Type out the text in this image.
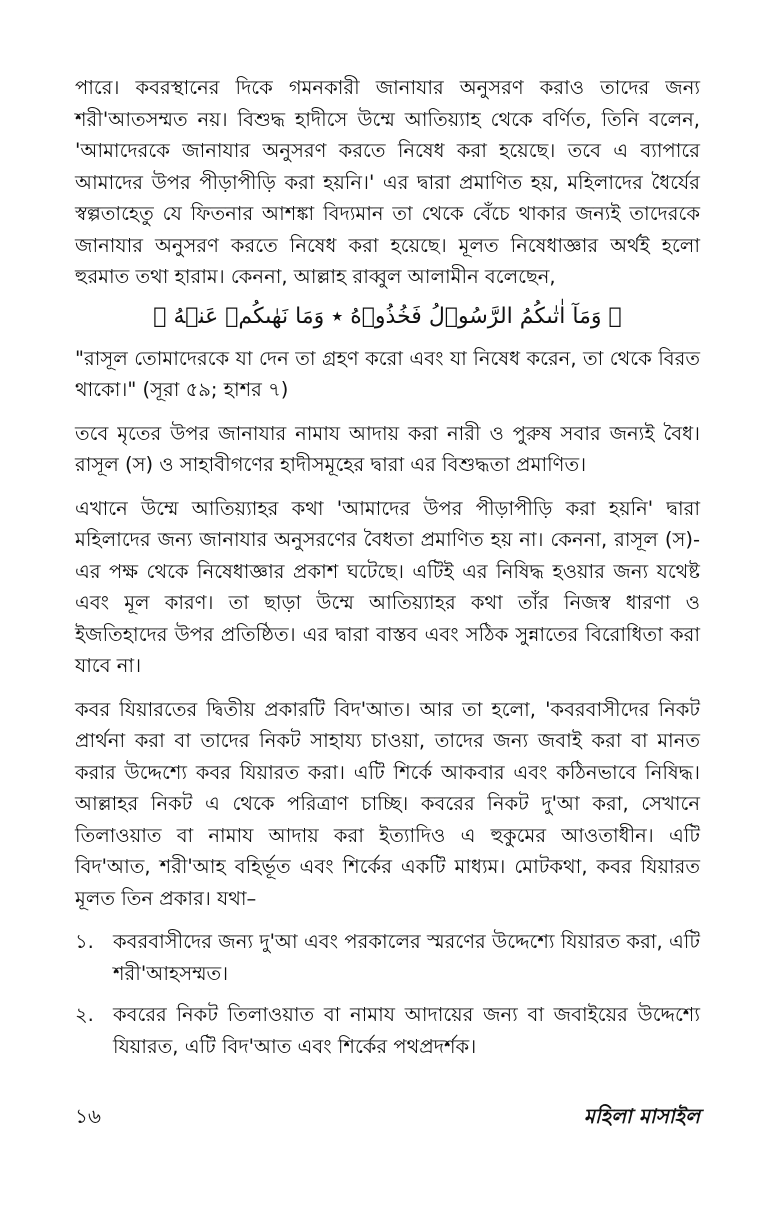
পারে। কবরস্থানের দিকে গমনকারী জানাযার অনুসরণ করাও তাদের জন্য শরী'আতসম্মত নয়। বিশুদ্ধ হাদীসে উম্মে আতিয়্যাহ থেকে বর্ণিত, তিনি বলেন, 'আমাদেরকে জানাযার অনুসরণ করতে নিষেধ করা হয়েছে। তবে এ ব্যাপারে আমাদের উপর পীড়াপীড়ি করা হয়নি।' এর দ্বারা প্রমাণিত হয়, মহিলাদের ধৈর্যের স্বল্পতাহেতু যে ফিতনার আশঙ্কা বিদ্যমান তা থেকে বেঁচে থাকার জন্যই তাদেরকে জানাযার অনুসরণ করতে নিষেধ করা হয়েছে। মূলত নিষেধাজ্ঞার অর্থই হলো হুরমাত তথা হারাম। কেননা, আল্লাহ রাব্বুল আলামীন বলেছেন,

﴿ وَمَآ اٰتٰىكُمُ الرَّسُوۡلُ فَخُذُوۡهُ ٭ وَمَا نَهٰىكُمۡ عَنۡهُ ﴾

"রাসূল তোমাদেরকে যা দেন তা গ্রহণ করো এবং যা নিষেধ করেন, তা থেকে বিরত থাকো।" (সূরা ৫৯; হাশর ৭)

তবে মৃতের উপর জানাযার নামায আদায় করা নারী ও পুরুষ সবার জন্যই বৈধ। রাসূল (স) ও সাহাবীগণের হাদীসমূহের দ্বারা এর বিশুদ্ধতা প্রমাণিত।

এখানে উম্মে আতিয়্যাহর কথা 'আমাদের উপর পীড়াপীড়ি করা হয়নি' দ্বারা মহিলাদের জন্য জানাযার অনুসরণের বৈধতা প্রমাণিত হয় না। কেননা, রাসূল (স)-এর পক্ষ থেকে নিষেধাজ্ঞার প্রকাশ ঘটেছে। এটিই এর নিষিদ্ধ হওয়ার জন্য যথেষ্ট এবং মূল কারণ। তা ছাড়া উম্মে আতিয়্যাহর কথা তাঁর নিজস্ব ধারণা ও ইজতিহাদের উপর প্রতিষ্ঠিত। এর দ্বারা বাস্তব এবং সঠিক সুন্নাতের বিরোধিতা করা যাবে না।

কবর যিয়ারতের দ্বিতীয় প্রকারটি বিদ'আত। আর তা হলো, 'কবরবাসীদের নিকট প্রার্থনা করা বা তাদের নিকট সাহায্য চাওয়া, তাদের জন্য জবাই করা বা মানত করার উদ্দেশ্যে কবর যিয়ারত করা। এটি শির্কে আকবার এবং কঠিনভাবে নিষিদ্ধ। আল্লাহর নিকট এ থেকে পরিত্রাণ চাচ্ছি। কবরের নিকট দু'আ করা, সেখানে তিলাওয়াত বা নামায আদায় করা ইত্যাদিও এ হুকুমের আওতাধীন। এটি বিদ'আত, শরী'আহ বহির্ভূত এবং শির্কের একটি মাধ্যম। মোটকথা, কবর যিয়ারত মূলত তিন প্রকার। যথা–

১. কবরবাসীদের জন্য দু'আ এবং পরকালের স্মরণের উদ্দেশ্যে যিয়ারত করা, এটি শরী'আহসম্মত।
২. কবরের নিকট তিলাওয়াত বা নামায আদায়ের জন্য বা জবাইয়ের উদ্দেশ্যে যিয়ারত, এটি বিদ'আত এবং শির্কের পথপ্রদর্শক।
১৬	মহিলা মাসাইল
